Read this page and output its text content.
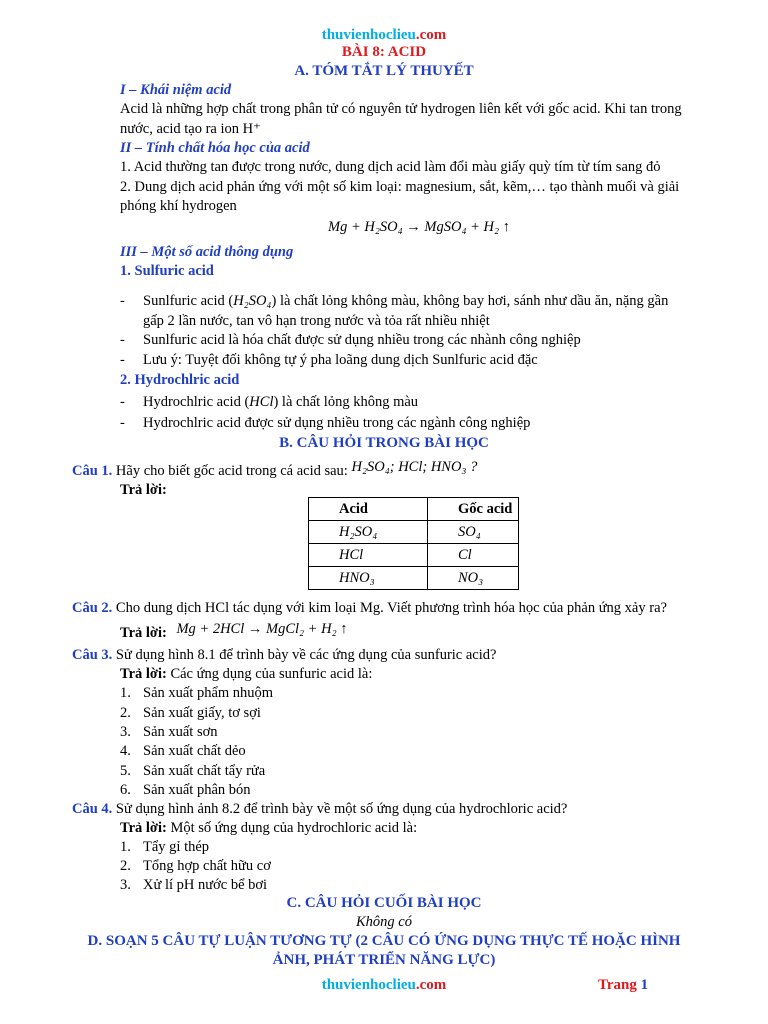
thuvienhoclieu.com
BÀI 8: ACID
A. TÓM TẮT LÝ THUYẾT
I – Khái niệm acid
Acid là những hợp chất trong phân tử có nguyên tử hydrogen liên kết với gốc acid. Khi tan trong
nước, acid tạo ra ion H⁺
II – Tính chất hóa học của acid
1. Acid thường tan được trong nước, dung dịch acid làm đổi màu giấy quỳ tím từ tím sang đỏ
2. Dung dịch acid phản ứng với một số kim loại: magnesium, sắt, kẽm,… tạo thành muối và giải
phóng khí hydrogen
Mg + H₂SO₄ → MgSO₄ + H₂ ↑
III – Một số acid thông dụng
1. Sulfuric acid
- Sunlfuric acid (H₂SO₄) là chất lỏng không màu, không bay hơi, sánh như dầu ăn, nặng gần
gấp 2 lần nước, tan vô hạn trong nước và tỏa rất nhiều nhiệt
- Sunlfuric acid là hóa chất được sử dụng nhiều trong các nhành công nghiệp
- Lưu ý: Tuyệt đối không tự ý pha loãng dung dịch Sunlfuric acid đặc
2. Hydrochlric acid
- Hydrochlric acid (HCl) là chất lỏng không màu
- Hydrochlric acid được sử dụng nhiều trong các ngành công nghiệp
B. CÂU HỎI TRONG BÀI HỌC
Câu 1. Hãy cho biết gốc acid trong cá acid sau: H₂SO₄; HCl; HNO₃ ?
Trả lời:
Acid	Gốc acid
H₂SO₄	SO₄
HCl	Cl
HNO₃	NO₃
Câu 2. Cho dung dịch HCl tác dụng với kim loại Mg. Viết phương trình hóa học của phản ứng xảy ra?
Trả lời: Mg + 2HCl → MgCl₂ + H₂ ↑
Câu 3. Sử dụng hình 8.1 để trình bày về các ứng dụng của sunfuric acid?
Trả lời: Các ứng dụng của sunfuric acid là:
1. Sản xuất phẩm nhuộm
2. Sản xuất giấy, tơ sợi
3. Sản xuất sơn
4. Sản xuất chất dẻo
5. Sản xuất chất tẩy rửa
6. Sản xuất phân bón
Câu 4. Sử dụng hình ảnh 8.2 để trình bày về một số ứng dụng của hydrochloric acid?
Trả lời: Một số ứng dụng của hydrochloric acid là:
1. Tẩy gỉ thép
2. Tổng hợp chất hữu cơ
3. Xử lí pH nước bể bơi
C. CÂU HỎI CUỐI BÀI HỌC
Không có
D. SOẠN 5 CÂU TỰ LUẬN TƯƠNG TỰ (2 CÂU CÓ ỨNG DỤNG THỰC TẾ HOẶC HÌNH
ẢNH, PHÁT TRIỂN NĂNG LỰC)
thuvienhoclieu.com	Trang 1
